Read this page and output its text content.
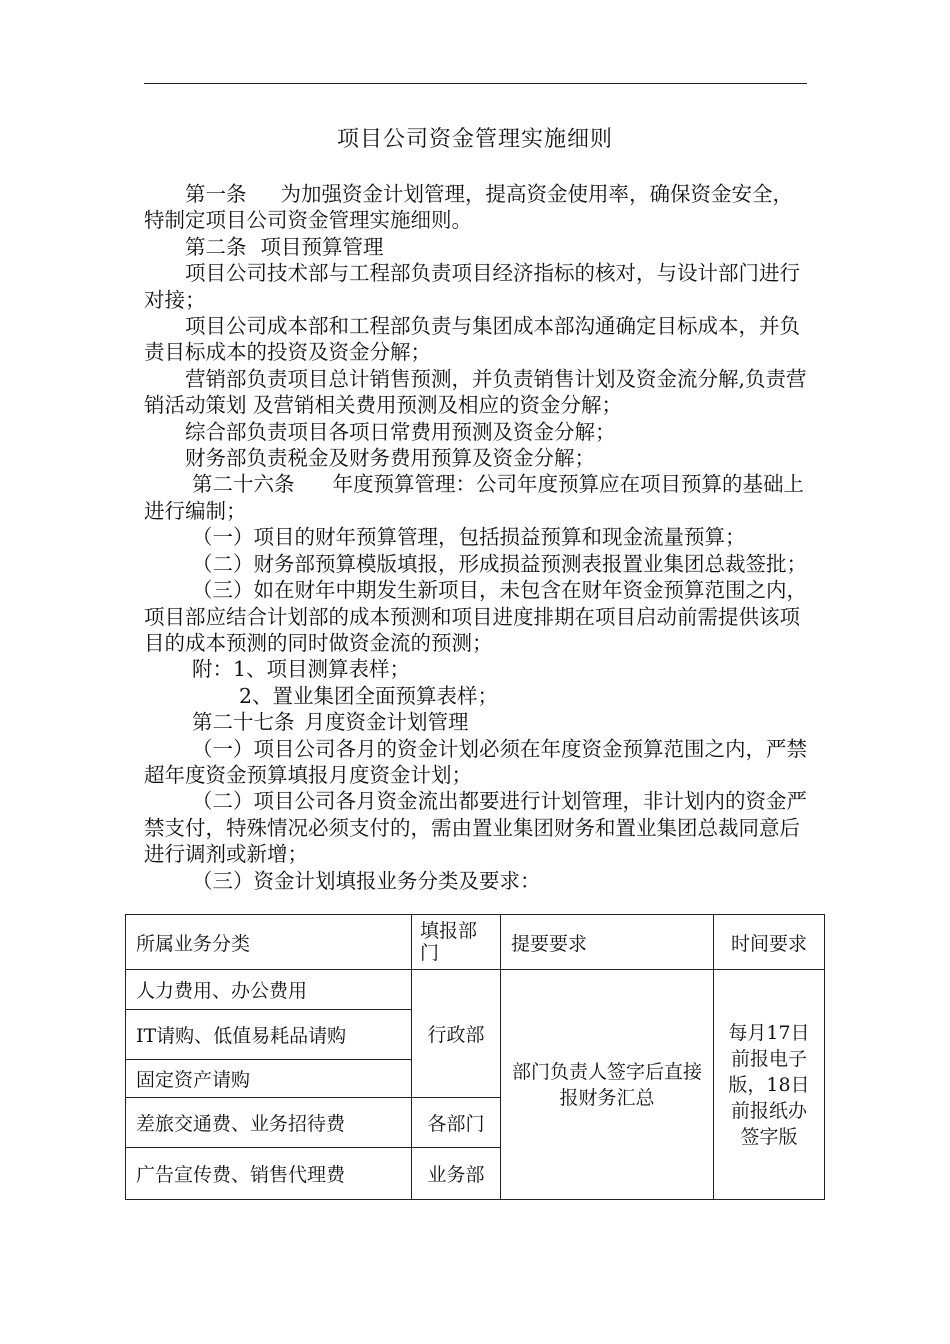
项目公司资金管理实施细则

第一条 为加强资金计划管理，提高资金使用率，确保资金安全，特制定项目公司资金管理实施细则。

第二条 项目预算管理

项目公司技术部与工程部负责项目经济指标的核对，与设计部门进行对接；

项目公司成本部和工程部负责与集团成本部沟通确定目标成本，并负责目标成本的投资及资金分解；

营销部负责项目总计销售预测，并负责销售计划及资金流分解,负责营销活动策划 及营销相关费用预测及相应的资金分解；

综合部负责项目各项日常费用预测及资金分解；

财务部负责税金及财务费用预算及资金分解；

第二十六条 年度预算管理：公司年度预算应在项目预算的基础上进行编制；

（一）项目的财年预算管理，包括损益预算和现金流量预算；

（二）财务部预算模版填报，形成损益预测表报置业集团总裁签批；

（三）如在财年中期发生新项目，未包含在财年资金预算范围之内，项目部应结合计划部的成本预测和项目进度排期在项目启动前需提供该项目的成本预测的同时做资金流的预测；

附：1、项目测算表样；

2、置业集团全面预算表样；

第二十七条 月度资金计划管理

（一）项目公司各月的资金计划必须在年度资金预算范围之内，严禁超年度资金预算填报月度资金计划；

（二）项目公司各月资金流出都要进行计划管理，非计划内的资金严禁支付，特殊情况必须支付的，需由置业集团财务和置业集团总裁同意后进行调剂或新增；

（三）资金计划填报业务分类及要求：

所属业务分类	填报部门	提要要求	时间要求
人力费用、办公费用	行政部	部门负责人签字后直接报财务汇总	每月17日前报电子版，18日前报纸办签字版
IT请购、低值易耗品请购			
固定资产请购			
差旅交通费、业务招待费	各部门		
广告宣传费、销售代理费	业务部		
